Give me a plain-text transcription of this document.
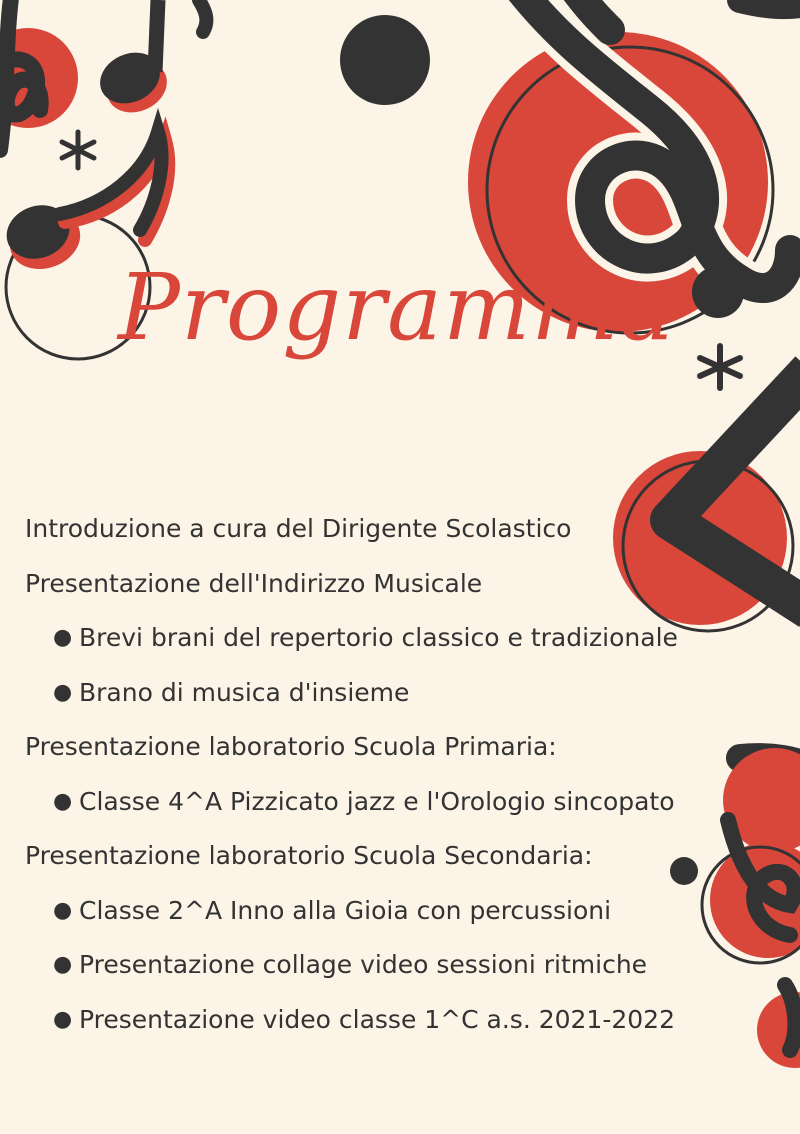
Programma
Introduzione a cura del Dirigente Scolastico
Presentazione dell'Indirizzo Musicale
● Brevi brani del repertorio classico e tradizionale
● Brano di musica d'insieme
Presentazione laboratorio Scuola Primaria:
● Classe 4^A Pizzicato jazz e l'Orologio sincopato
Presentazione laboratorio Scuola Secondaria:
● Classe 2^A Inno alla Gioia con percussioni
● Presentazione collage video sessioni ritmiche
● Presentazione video classe 1^C a.s. 2021-2022
